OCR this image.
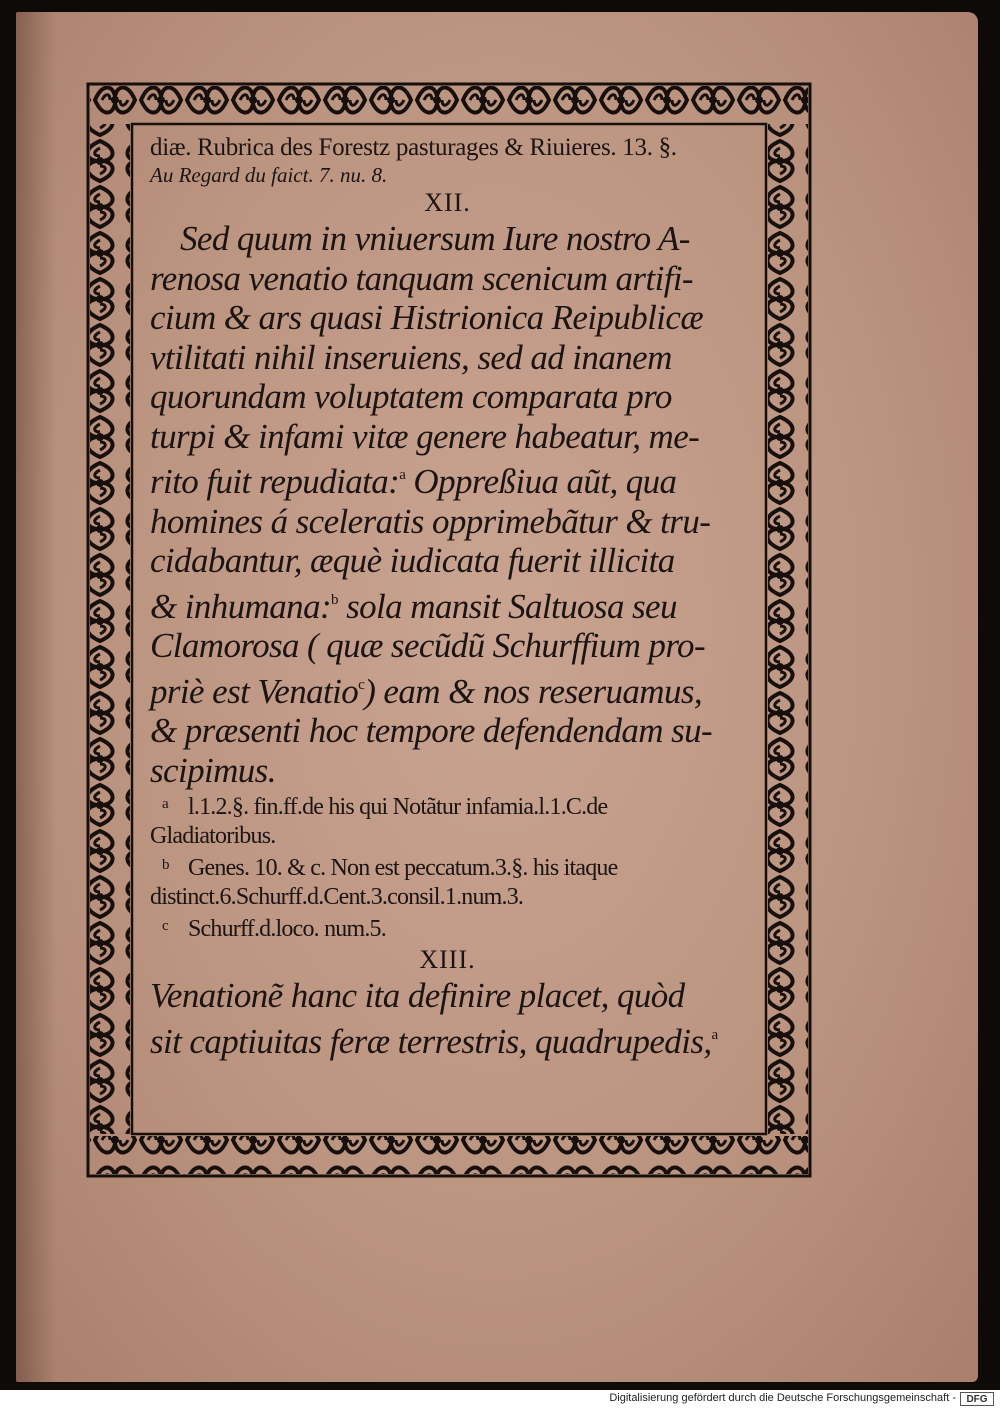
diæ. Rubrica des Forestz pasturages & Riuieres. 13. §.
Au Regard du faict. 7. nu. 8.
XII.
Sed quum in vniuersum Iure nostro A-
renosa venatio tanquam scenicum artifi-
cium & ars quasi Histrionica Reipublicæ
vtilitati nihil inseruiens, sed ad inanem
quorundam voluptatem comparata pro
turpi & infami vitæ genere habeatur, me-
rito fuit repudiata:$^a$ Oppreßiua aũt, qua
homines á sceleratis opprimebãtur & tru-
cidabantur, æquè iudicata fuerit illicita
& inhumana:$^b$ sola mansit Saltuosa seu
Clamorosa ( quæ secũdũ Schurffium pro-
priè est Venatio$^c$) eam & nos reseruamus,
& præsenti hoc tempore defendendam su-
scipimus.
a l.1.2.§. fin.ff.de his qui Notãtur infamia.l.1.C.de
Gladiatoribus.
b Genes. 10. & c. Non est peccatum.3.§. his itaque
distinct.6.Schurff.d.Cent.3.consil.1.num.3.
c Schurff.d.loco. num.5.
XIII.
Venationẽ hanc ita definire placet, quòd
sit captiuitas feræ terrestris, quadrupedis,$^a$
Digitalisierung gefördert durch die Deutsche Forschungsgemeinschaft -	DFG
